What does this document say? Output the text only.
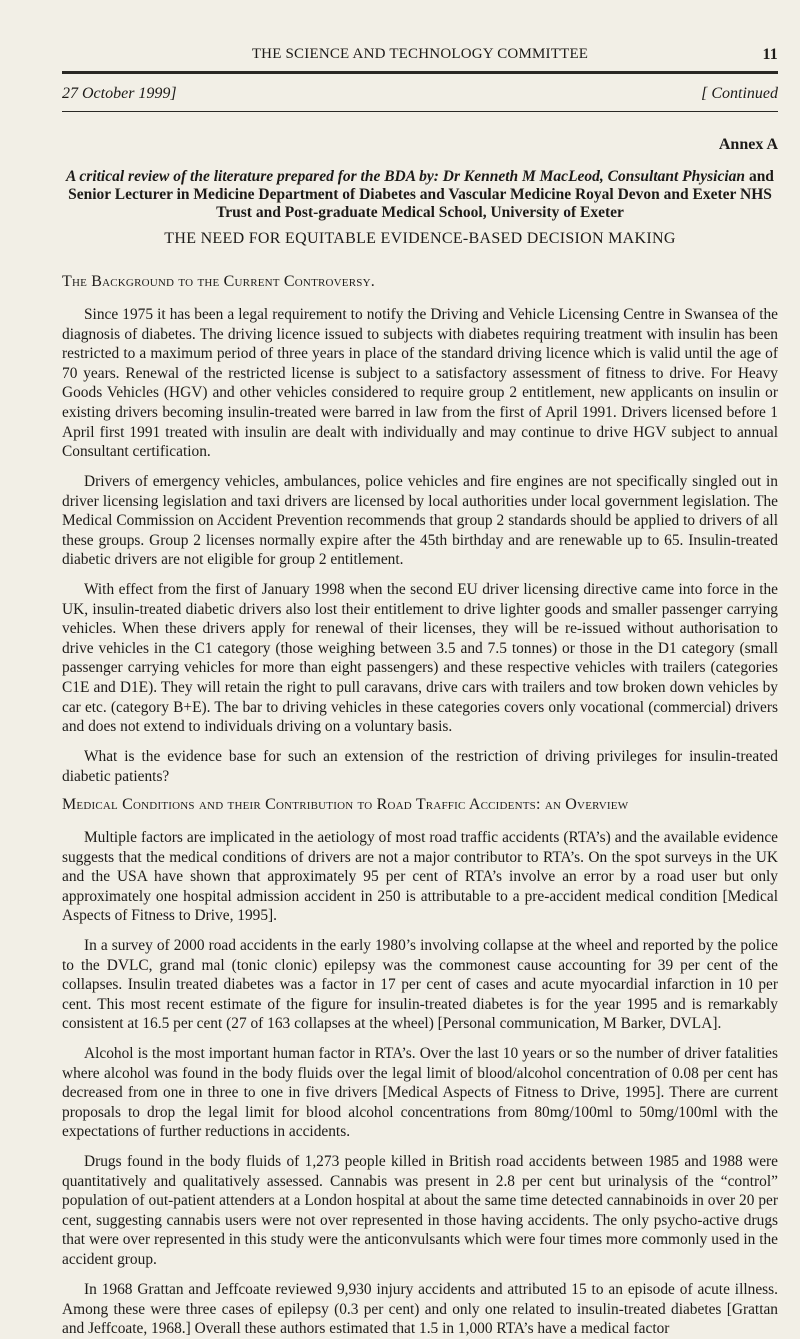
THE SCIENCE AND TECHNOLOGY COMMITTEE	11
27 October 1999]	[ Continued
Annex A
A critical review of the literature prepared for the BDA by: Dr Kenneth M MacLeod, Consultant Physician and Senior Lecturer in Medicine Department of Diabetes and Vascular Medicine Royal Devon and Exeter NHS Trust and Post-graduate Medical School, University of Exeter
THE NEED FOR EQUITABLE EVIDENCE-BASED DECISION MAKING
The Background to the Current Controversy.

Since 1975 it has been a legal requirement to notify the Driving and Vehicle Licensing Centre in Swansea of the diagnosis of diabetes. The driving licence issued to subjects with diabetes requiring treatment with insulin has been restricted to a maximum period of three years in place of the standard driving licence which is valid until the age of 70 years. Renewal of the restricted license is subject to a satisfactory assessment of fitness to drive. For Heavy Goods Vehicles (HGV) and other vehicles considered to require group 2 entitlement, new applicants on insulin or existing drivers becoming insulin-treated were barred in law from the first of April 1991. Drivers licensed before 1 April first 1991 treated with insulin are dealt with individually and may continue to drive HGV subject to annual Consultant certification.

Drivers of emergency vehicles, ambulances, police vehicles and fire engines are not specifically singled out in driver licensing legislation and taxi drivers are licensed by local authorities under local government legislation. The Medical Commission on Accident Prevention recommends that group 2 standards should be applied to drivers of all these groups. Group 2 licenses normally expire after the 45th birthday and are renewable up to 65. Insulin-treated diabetic drivers are not eligible for group 2 entitlement.

With effect from the first of January 1998 when the second EU driver licensing directive came into force in the UK, insulin-treated diabetic drivers also lost their entitlement to drive lighter goods and smaller passenger carrying vehicles. When these drivers apply for renewal of their licenses, they will be re-issued without authorisation to drive vehicles in the C1 category (those weighing between 3.5 and 7.5 tonnes) or those in the D1 category (small passenger carrying vehicles for more than eight passengers) and these respective vehicles with trailers (categories C1E and D1E). They will retain the right to pull caravans, drive cars with trailers and tow broken down vehicles by car etc. (category B+E). The bar to driving vehicles in these categories covers only vocational (commercial) drivers and does not extend to individuals driving on a voluntary basis.

What is the evidence base for such an extension of the restriction of driving privileges for insulin-treated diabetic patients?

Medical Conditions and their Contribution to Road Traffic Accidents: an Overview

Multiple factors are implicated in the aetiology of most road traffic accidents (RTA’s) and the available evidence suggests that the medical conditions of drivers are not a major contributor to RTA’s. On the spot surveys in the UK and the USA have shown that approximately 95 per cent of RTA’s involve an error by a road user but only approximately one hospital admission accident in 250 is attributable to a pre-accident medical condition [Medical Aspects of Fitness to Drive, 1995].

In a survey of 2000 road accidents in the early 1980’s involving collapse at the wheel and reported by the police to the DVLC, grand mal (tonic clonic) epilepsy was the commonest cause accounting for 39 per cent of the collapses. Insulin treated diabetes was a factor in 17 per cent of cases and acute myocardial infarction in 10 per cent. This most recent estimate of the figure for insulin-treated diabetes is for the year 1995 and is remarkably consistent at 16.5 per cent (27 of 163 collapses at the wheel) [Personal communication, M Barker, DVLA].

Alcohol is the most important human factor in RTA’s. Over the last 10 years or so the number of driver fatalities where alcohol was found in the body fluids over the legal limit of blood/alcohol concentration of 0.08 per cent has decreased from one in three to one in five drivers [Medical Aspects of Fitness to Drive, 1995]. There are current proposals to drop the legal limit for blood alcohol concentrations from 80mg/100ml to 50mg/100ml with the expectations of further reductions in accidents.

Drugs found in the body fluids of 1,273 people killed in British road accidents between 1985 and 1988 were quantitatively and qualitatively assessed. Cannabis was present in 2.8 per cent but urinalysis of the “control” population of out-patient attenders at a London hospital at about the same time detected cannabinoids in over 20 per cent, suggesting cannabis users were not over represented in those having accidents. The only psycho-active drugs that were over represented in this study were the anticonvulsants which were four times more commonly used in the accident group.

In 1968 Grattan and Jeffcoate reviewed 9,930 injury accidents and attributed 15 to an episode of acute illness. Among these were three cases of epilepsy (0.3 per cent) and only one related to insulin-treated diabetes [Grattan and Jeffcoate, 1968.] Overall these authors estimated that 1.5 in 1,000 RTA’s have a medical factor
